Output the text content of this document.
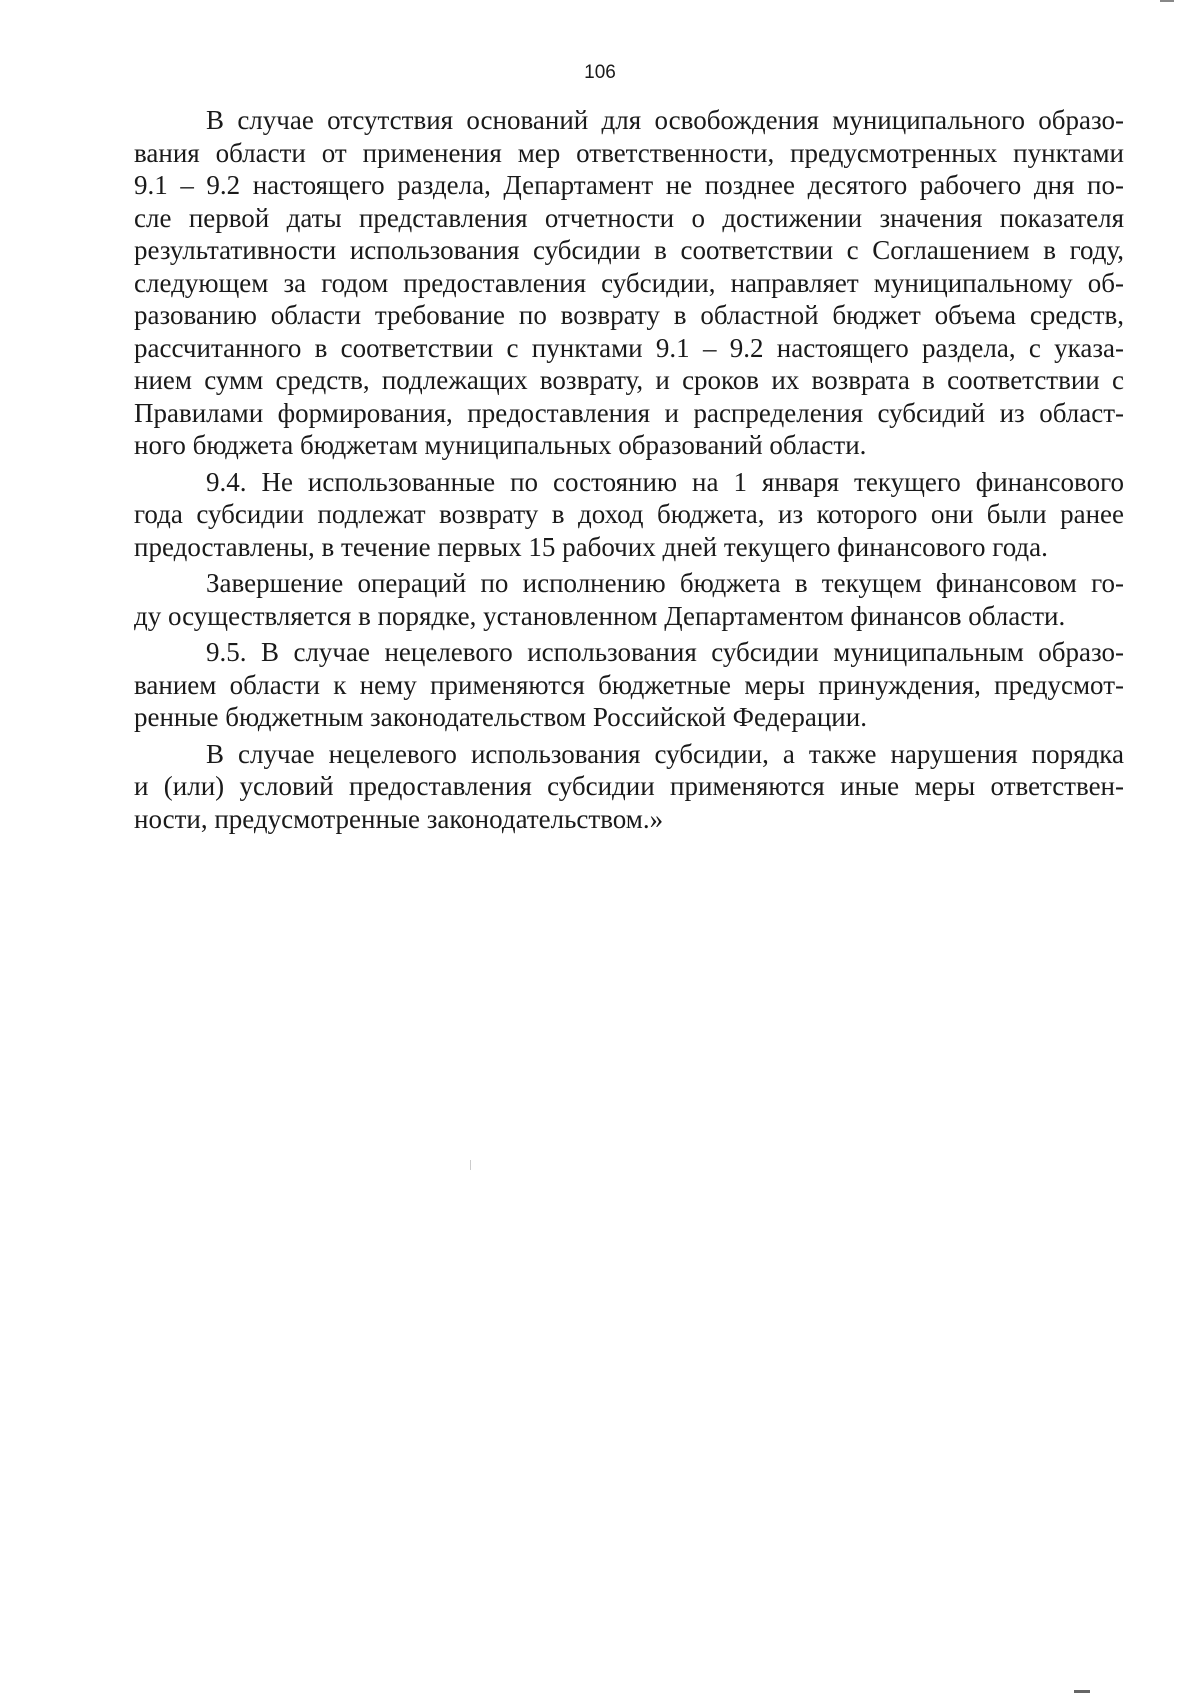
106
В случае отсутствия оснований для освобождения муниципального образо-
вания области от применения мер ответственности, предусмотренных пунктами
9.1 – 9.2 настоящего раздела, Департамент не позднее десятого рабочего дня по-
сле первой даты представления отчетности о достижении значения показателя
результативности использования субсидии в соответствии с Соглашением в году,
следующем за годом предоставления субсидии, направляет муниципальному об-
разованию области требование по возврату в областной бюджет объема средств,
рассчитанного в соответствии с пунктами 9.1 – 9.2 настоящего раздела, с указа-
нием сумм средств, подлежащих возврату, и сроков их возврата в соответствии с
Правилами формирования, предоставления и распределения субсидий из област-
ного бюджета бюджетам муниципальных образований области.
9.4. Не использованные по состоянию на 1 января текущего финансового
года субсидии подлежат возврату в доход бюджета, из которого они были ранее
предоставлены, в течение первых 15 рабочих дней текущего финансового года.
Завершение операций по исполнению бюджета в текущем финансовом го-
ду осуществляется в порядке, установленном Департаментом финансов области.
9.5. В случае нецелевого использования субсидии муниципальным образо-
ванием области к нему применяются бюджетные меры принуждения, предусмот-
ренные бюджетным законодательством Российской Федерации.
В случае нецелевого использования субсидии, а также нарушения порядка
и (или) условий предоставления субсидии применяются иные меры ответствен-
ности, предусмотренные законодательством.»
